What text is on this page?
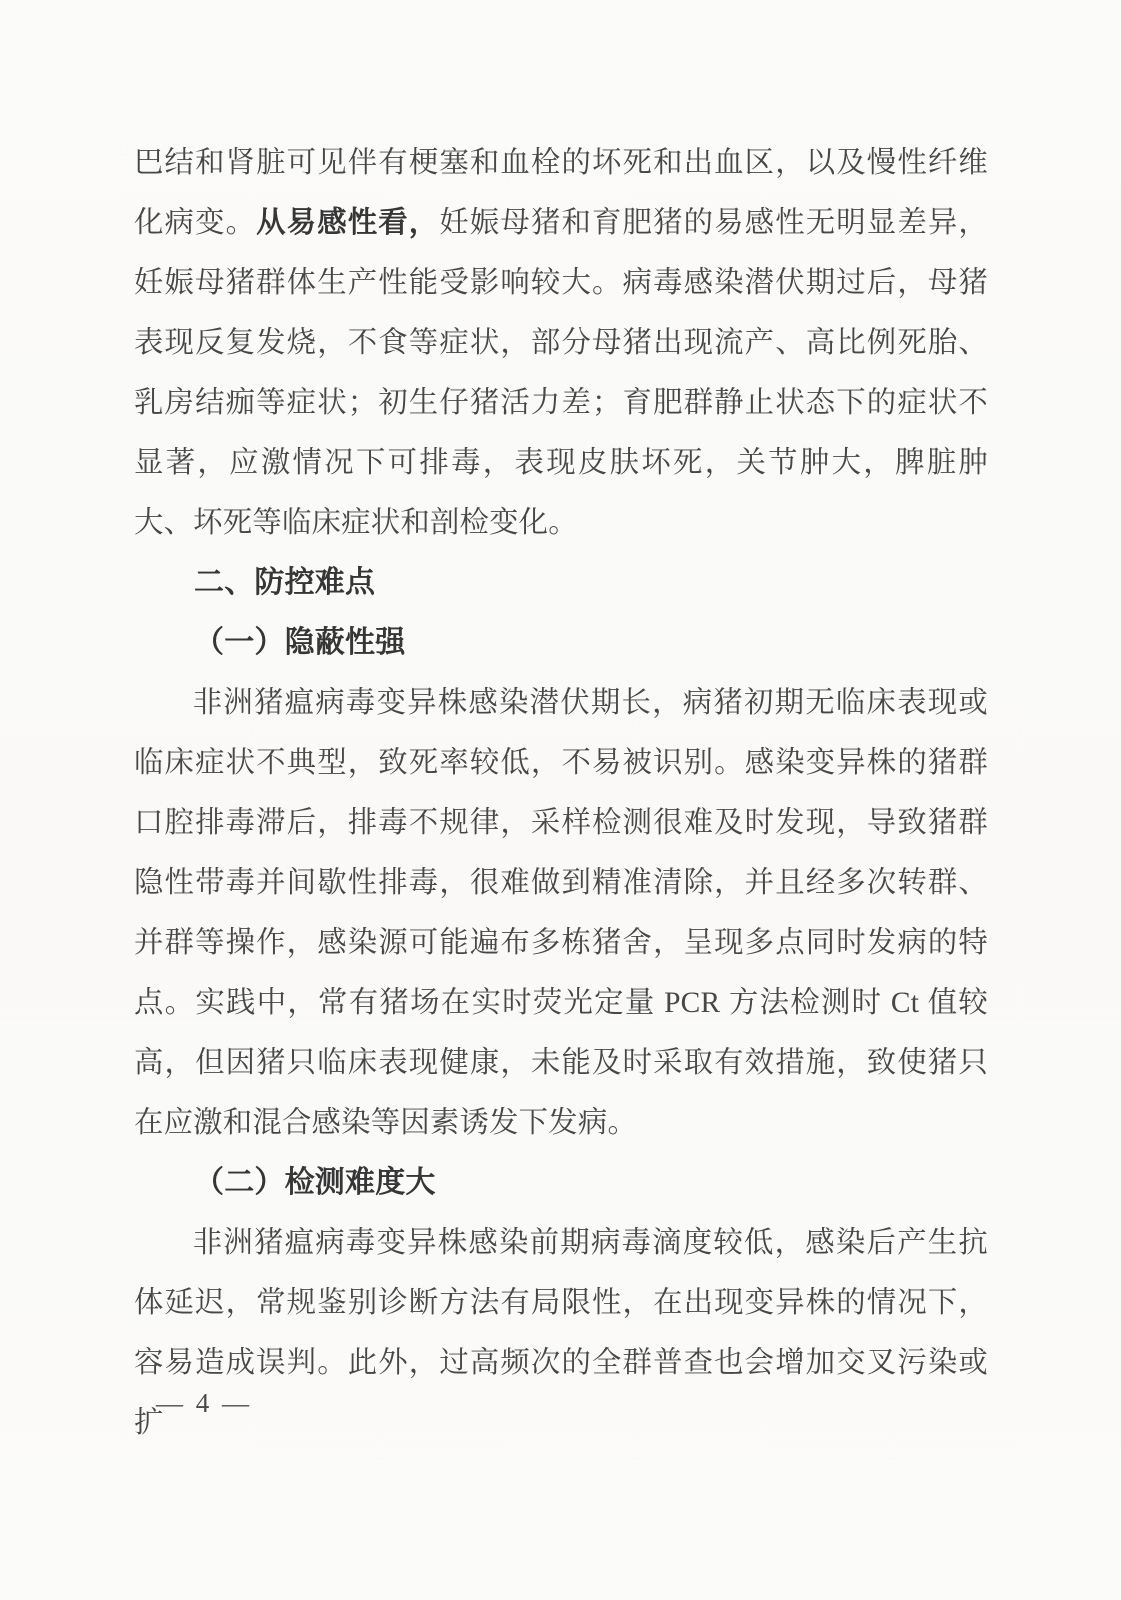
巴结和肾脏可见伴有梗塞和血栓的坏死和出血区，以及慢性纤维化病变。从易感性看，妊娠母猪和育肥猪的易感性无明显差异，妊娠母猪群体生产性能受影响较大。病毒感染潜伏期过后，母猪表现反复发烧，不食等症状，部分母猪出现流产、高比例死胎、乳房结痂等症状；初生仔猪活力差；育肥群静止状态下的症状不显著，应激情况下可排毒，表现皮肤坏死，关节肿大，脾脏肿大、坏死等临床症状和剖检变化。

二、防控难点

（一）隐蔽性强

非洲猪瘟病毒变异株感染潜伏期长，病猪初期无临床表现或临床症状不典型，致死率较低，不易被识别。感染变异株的猪群口腔排毒滞后，排毒不规律，采样检测很难及时发现，导致猪群隐性带毒并间歇性排毒，很难做到精准清除，并且经多次转群、并群等操作，感染源可能遍布多栋猪舍，呈现多点同时发病的特点。实践中，常有猪场在实时荧光定量 PCR 方法检测时 Ct 值较高，但因猪只临床表现健康，未能及时采取有效措施，致使猪只在应激和混合感染等因素诱发下发病。

（二）检测难度大

非洲猪瘟病毒变异株感染前期病毒滴度较低，感染后产生抗体延迟，常规鉴别诊断方法有局限性，在出现变异株的情况下，容易造成误判。此外，过高频次的全群普查也会增加交叉污染或扩

— 4 —
